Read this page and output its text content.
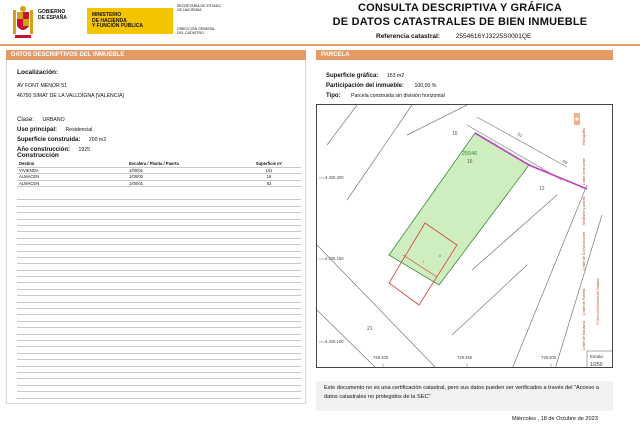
GOBIERNO
DE ESPAÑA	MINISTERIO
DE HACIENDA
Y FUNCIÓN PÚBLICA
SECRETARÍA DE ESTADO
DE HACIENDA
DIRECCIÓN GENERAL
DEL CATASTRO
CONSULTA DESCRIPTIVA Y GRÁFICA
DE DATOS CATASTRALES DE BIEN INMUEBLE
Referencia catastral: 2554616YJ3225S0001QE
DATOS DESCRIPTIVOS DEL INMUEBLE
Localización:
AV FONT MENOR 51
46750 SIMAT DE LA VALLDIGNA [VALENCIA]
Clase: URBANO
Uso principal: Residencial
Superficie construida: 200 m2
Año construcción: 1925
Construcción
Destino	Escalera / Planta / Puerta	Superficie m²
VIVIENDA	1/00/01	101
ALMACEN	1/00/00	16
ALMACEN	1/00/01	83
PARCELA
Superficie gráfica: 153 m2
Participación del inmueble: 100,00 %
Tipo: Parcela construida sin división horizontal
25546
16
16
12
21
51
49
I
I
II
4.325.200
4.325.150
4.325.100
729.400	729.450	729.500
Hidrografía
Límite zona verde
Mobiliario y aceras
Límite de Construcciones
Límite de Parcela
Límite de Manzana
© Dirección General del Catastro
Escala:
1/250
Este documento no es una certificación catastral, pero sus datos pueden ser verificados a través del "Acceso a datos catastrales no protegidos de la SEC"
Miércoles , 18 de Octubre de 2023
